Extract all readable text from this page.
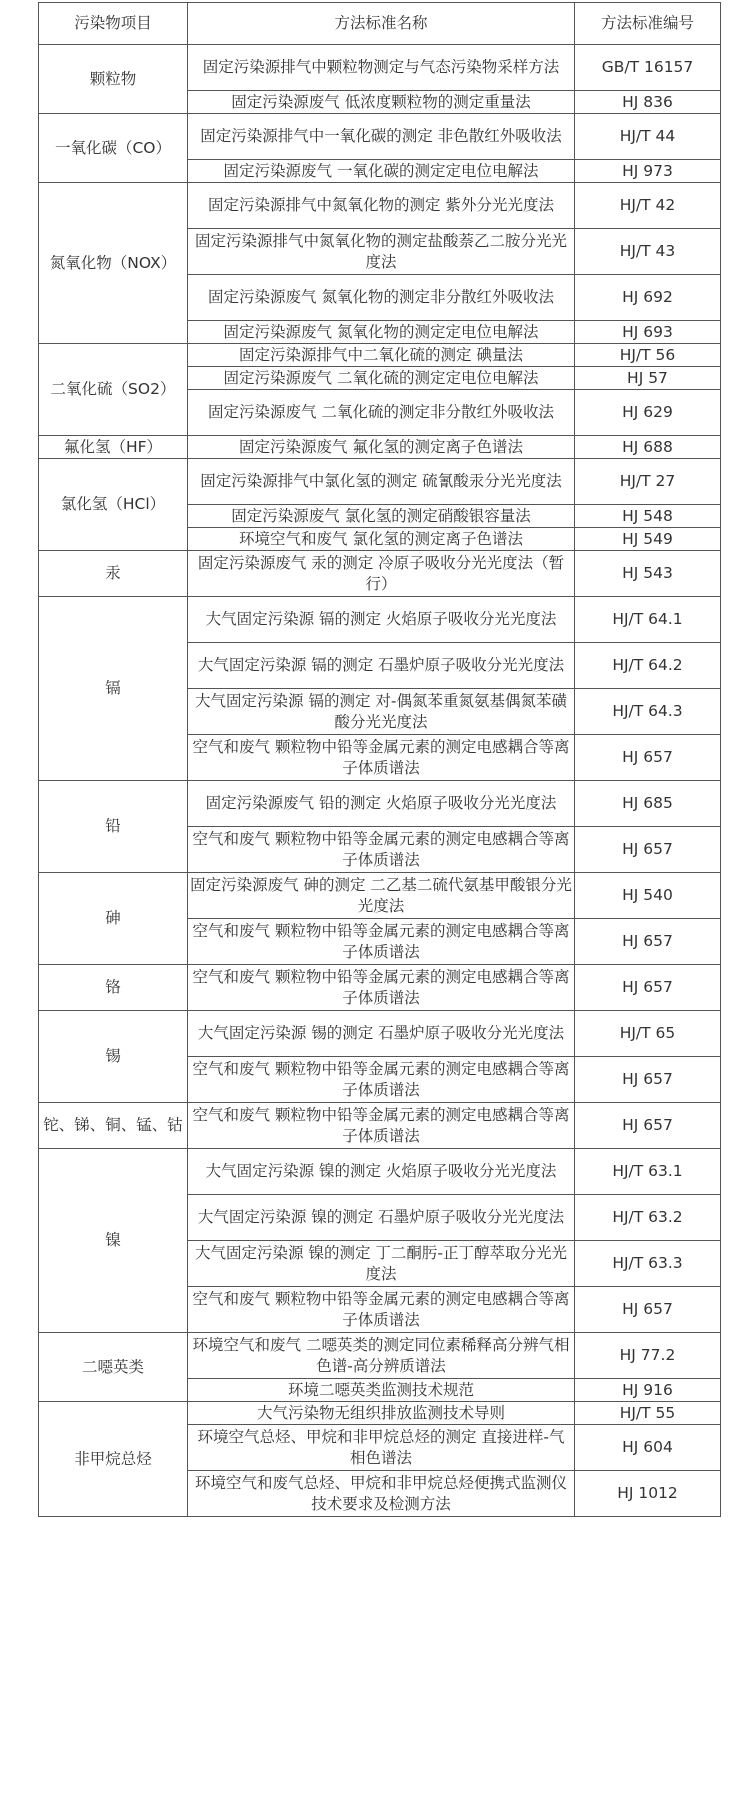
污染物项目	方法标准名称	方法标准编号
颗粒物	固定污染源排气中颗粒物测定与气态污染物采样方法	GB/T 16157
	固定污染源废气 低浓度颗粒物的测定重量法	HJ 836
一氧化碳（CO）	固定污染源排气中一氧化碳的测定 非色散红外吸收法	HJ/T 44
	固定污染源废气 一氧化碳的测定定电位电解法	HJ 973
氮氧化物（NOX）	固定污染源排气中氮氧化物的测定 紫外分光光度法	HJ/T 42
	固定污染源排气中氮氧化物的测定盐酸萘乙二胺分光光度法	HJ/T 43
	固定污染源废气 氮氧化物的测定非分散红外吸收法	HJ 692
	固定污染源废气 氮氧化物的测定定电位电解法	HJ 693
二氧化硫（SO2）	固定污染源排气中二氧化硫的测定 碘量法	HJ/T 56
	固定污染源废气 二氧化硫的测定定电位电解法	HJ 57
	固定污染源废气 二氧化硫的测定非分散红外吸收法	HJ 629
氟化氢（HF）	固定污染源废气 氟化氢的测定离子色谱法	HJ 688
氯化氢（HCl）	固定污染源排气中氯化氢的测定 硫氰酸汞分光光度法	HJ/T 27
	固定污染源废气 氯化氢的测定硝酸银容量法	HJ 548
	环境空气和废气 氯化氢的测定离子色谱法	HJ 549
汞	固定污染源废气 汞的测定 冷原子吸收分光光度法（暂行）	HJ 543
镉	大气固定污染源 镉的测定 火焰原子吸收分光光度法	HJ/T 64.1
	大气固定污染源 镉的测定 石墨炉原子吸收分光光度法	HJ/T 64.2
	大气固定污染源 镉的测定 对-偶氮苯重氮氨基偶氮苯磺酸分光光度法	HJ/T 64.3
	空气和废气 颗粒物中铅等金属元素的测定电感耦合等离子体质谱法	HJ 657
铅	固定污染源废气 铅的测定 火焰原子吸收分光光度法	HJ 685
	空气和废气 颗粒物中铅等金属元素的测定电感耦合等离子体质谱法	HJ 657
砷	固定污染源废气 砷的测定 二乙基二硫代氨基甲酸银分光光度法	HJ 540
	空气和废气 颗粒物中铅等金属元素的测定电感耦合等离子体质谱法	HJ 657
铬	空气和废气 颗粒物中铅等金属元素的测定电感耦合等离子体质谱法	HJ 657
锡	大气固定污染源 锡的测定 石墨炉原子吸收分光光度法	HJ/T 65
	空气和废气 颗粒物中铅等金属元素的测定电感耦合等离子体质谱法	HJ 657
铊、锑、铜、锰、钴	空气和废气 颗粒物中铅等金属元素的测定电感耦合等离子体质谱法	HJ 657
镍	大气固定污染源 镍的测定 火焰原子吸收分光光度法	HJ/T 63.1
	大气固定污染源 镍的测定 石墨炉原子吸收分光光度法	HJ/T 63.2
	大气固定污染源 镍的测定 丁二酮肟-正丁醇萃取分光光度法	HJ/T 63.3
	空气和废气 颗粒物中铅等金属元素的测定电感耦合等离子体质谱法	HJ 657
二噁英类	环境空气和废气 二噁英类的测定同位素稀释高分辨气相色谱-高分辨质谱法	HJ 77.2
	环境二噁英类监测技术规范	HJ 916
非甲烷总烃	大气污染物无组织排放监测技术导则	HJ/T 55
	环境空气总烃、甲烷和非甲烷总烃的测定 直接进样-气相色谱法	HJ 604
	环境空气和废气总烃、甲烷和非甲烷总烃便携式监测仪技术要求及检测方法	HJ 1012
